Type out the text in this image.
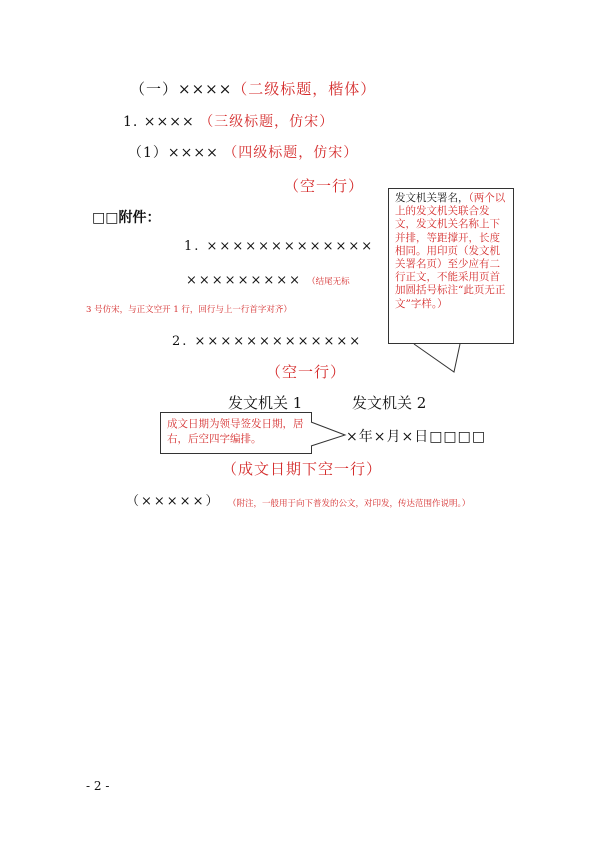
（一）××××（二级标题，楷体）
1. ×××× （三级标题，仿宋）
（1）×××× （四级标题，仿宋）
（空一行）
□□附件：
1. ×××××××××××××
××××××××× （结尾无标
3 号仿宋，与正文空开 1 行，回行与上一行首字对齐）
2. ×××××××××××××
发文机关署名，（两个以上的发文机关联合发文，发文机关名称上下并排，等距撑开，长度相同。用印页（发文机关署名页）至少应有二行正文，不能采用页首加圆括号标注“此页无正文”字样。）
（空一行）
发文机关 1	发文机关 2
成文日期为领导签发日期，居右，后空四字编排。	×年×月×日□□□□
（成文日期下空一行）
（×××××） （附注，一般用于向下普发的公文，对印发，传达范围作说明。）
- 2 -
